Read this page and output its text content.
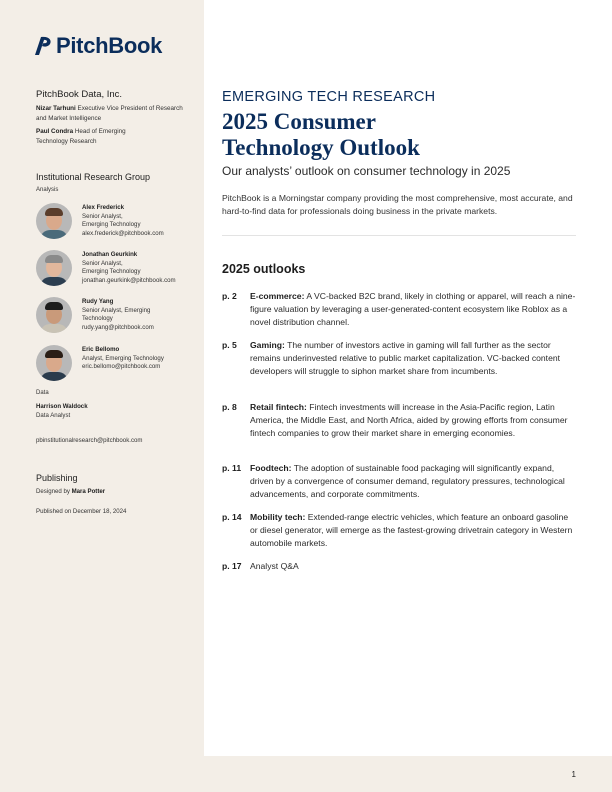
1
PitchBook
PitchBook Data, Inc.
Nizar Tarhuni Executive Vice President of Research and Market Intelligence
Paul Condra Head of Emerging Technology Research
Institutional Research Group
Analysis
Alex Frederick
Senior Analyst,
Emerging Technology
alex.frederick@pitchbook.com
Jonathan Geurkink
Senior Analyst,
Emerging Technology
jonathan.geurkink@pitchbook.com
Rudy Yang
Senior Analyst, Emerging
Technology
rudy.yang@pitchbook.com
Eric Bellomo
Analyst, Emerging Technology
eric.bellomo@pitchbook.com
Data
Harrison Waldock
Data Analyst
pbinstitutionalresearch@pitchbook.com
Publishing
Designed by Mara Potter
Published on December 18, 2024
EMERGING TECH RESEARCH
2025 Consumer
Technology Outlook
Our analysts’ outlook on consumer technology in 2025
PitchBook is a Morningstar company providing the most comprehensive, most accurate, and hard-to-find data for professionals doing business in the private markets.
2025 outlooks
p. 2	E-commerce: A VC-backed B2C brand, likely in clothing or apparel, will reach a nine-figure valuation by leveraging a user-generated-content ecosystem like Roblox as a novel distribution channel.
p. 5	Gaming: The number of investors active in gaming will fall further as the sector remains underinvested relative to public market capitalization. VC-backed content developers will struggle to siphon market share from incumbents.
p. 8	Retail fintech: Fintech investments will increase in the Asia-Pacific region, Latin America, the Middle East, and North Africa, aided by growing efforts from consumer fintech companies to grow their market share in emerging economies.
p. 11	Foodtech: The adoption of sustainable food packaging will significantly expand, driven by a convergence of consumer demand, regulatory pressures, technological advancements, and corporate commitments.
p. 14 Mobility tech: Extended-range electric vehicles, which feature an onboard gasoline or diesel generator, will emerge as the fastest-growing drivetrain category in Western automobile markets.
p. 17 Analyst Q&A
